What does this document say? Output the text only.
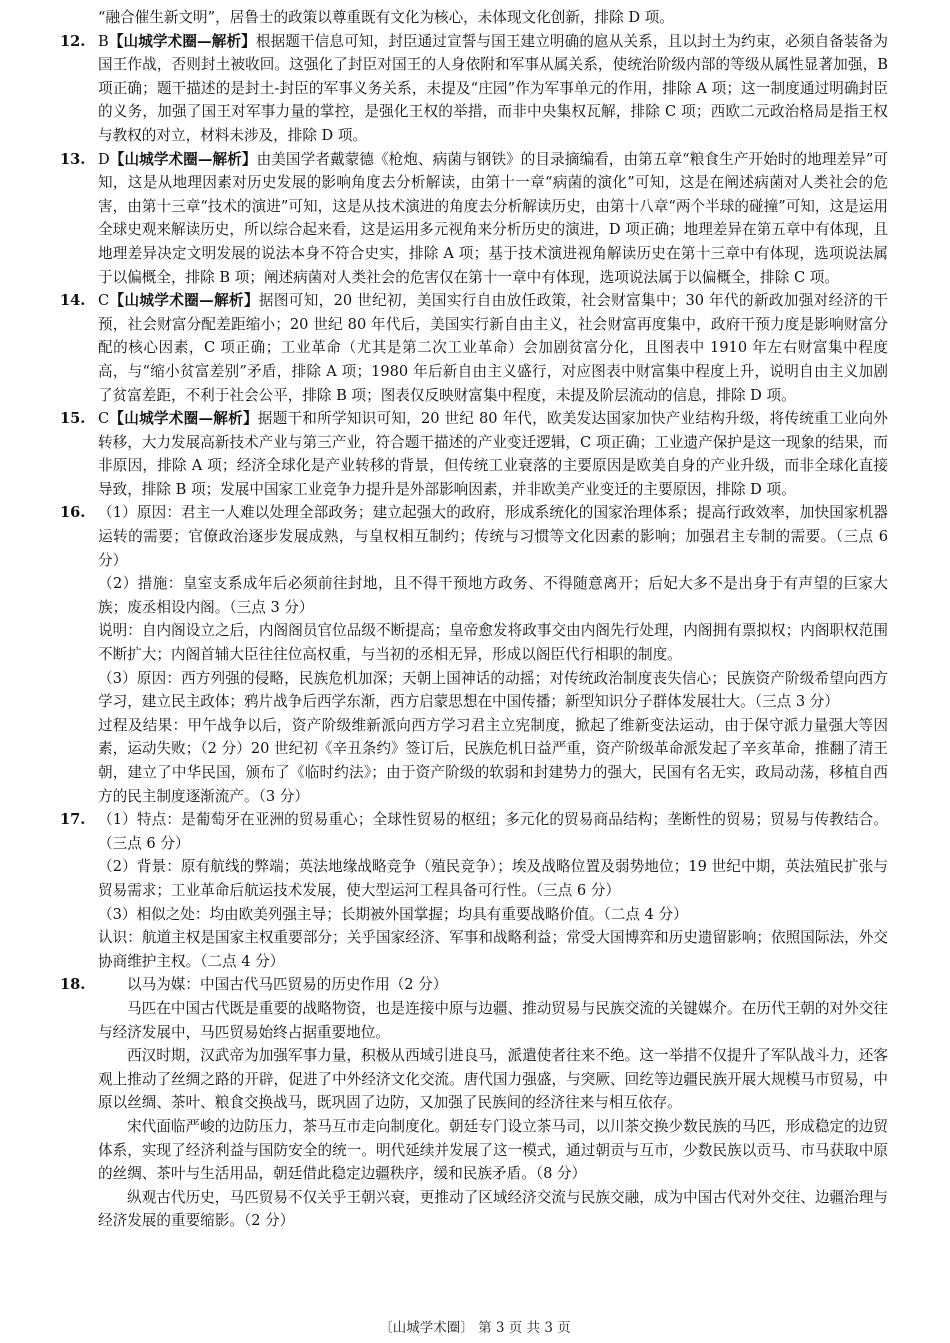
“融合催生新文明”，居鲁士的政策以尊重既有文化为核心，未体现文化创新，排除 D 项。

12. B【山城学术圈—解析】根据题干信息可知，封臣通过宣誓与国王建立明确的扈从关系，且以封土为约束，必须自备装备为国王作战，否则封土被收回。这强化了封臣对国王的人身依附和军事从属关系，使统治阶级内部的等级从属性显著加强，B 项正确；题干描述的是封土-封臣的军事义务关系，未提及“庄园”作为军事单元的作用，排除 A 项；这一制度通过明确封臣的义务，加强了国王对军事力量的掌控，是强化王权的举措，而非中央集权瓦解，排除 C 项；西欧二元政治格局是指王权与教权的对立，材料未涉及，排除 D 项。
13. D【山城学术圈—解析】由美国学者戴蒙德《枪炮、病菌与钢铁》的目录摘编看，由第五章“粮食生产开始时的地理差异”可知，这是从地理因素对历史发展的影响角度去分析解读，由第十一章“病菌的演化”可知，这是在阐述病菌对人类社会的危害，由第十三章“技术的演进”可知，这是从技术演进的角度去分析解读历史，由第十八章“两个半球的碰撞”可知，这是运用全球史观来解读历史，所以综合起来看，这是运用多元视角来分析历史的演进，D 项正确；地理差异在第五章中有体现，且地理差异决定文明发展的说法本身不符合史实，排除 A 项；基于技术演进视角解读历史在第十三章中有体现，选项说法属于以偏概全，排除 B 项；阐述病菌对人类社会的危害仅在第十一章中有体现，选项说法属于以偏概全，排除 C 项。
14. C【山城学术圈—解析】据图可知，20 世纪初，美国实行自由放任政策，社会财富集中；30 年代的新政加强对经济的干预，社会财富分配差距缩小；20 世纪 80 年代后，美国实行新自由主义，社会财富再度集中，政府干预力度是影响财富分配的核心因素，C 项正确；工业革命（尤其是第二次工业革命）会加剧贫富分化，且图表中 1910 年左右财富集中程度高，与“缩小贫富差别”矛盾，排除 A 项；1980 年后新自由主义盛行，对应图表中财富集中程度上升，说明自由主义加剧了贫富差距，不利于社会公平，排除 B 项；图表仅反映财富集中程度，未提及阶层流动的信息，排除 D 项。
15. C【山城学术圈—解析】据题干和所学知识可知，20 世纪 80 年代，欧美发达国家加快产业结构升级，将传统重工业向外转移，大力发展高新技术产业与第三产业，符合题干描述的产业变迁逻辑，C 项正确；工业遗产保护是这一现象的结果，而非原因，排除 A 项；经济全球化是产业转移的背景，但传统工业衰落的主要原因是欧美自身的产业升级，而非全球化直接导致，排除 B 项；发展中国家工业竞争力提升是外部影响因素，并非欧美产业变迁的主要原因，排除 D 项。
16. （1）原因：君主一人难以处理全部政务；建立起强大的政府，形成系统化的国家治理体系；提高行政效率，加快国家机器运转的需要；官僚政治逐步发展成熟，与皇权相互制约；传统与习惯等文化因素的影响；加强君主专制的需要。（三点 6 分）

（2）措施：皇室支系成年后必须前往封地，且不得干预地方政务、不得随意离开；后妃大多不是出身于有声望的巨家大族；废丞相设内阁。（三点 3 分）

说明：自内阁设立之后，内阁阁员官位品级不断提高；皇帝愈发将政事交由内阁先行处理，内阁拥有票拟权；内阁职权范围不断扩大；内阁首辅大臣往往位高权重，与当初的丞相无异，形成以阁臣代行相职的制度。

（3）原因：西方列强的侵略，民族危机加深；天朝上国神话的动摇；对传统政治制度丧失信心；民族资产阶级希望向西方学习，建立民主政体；鸦片战争后西学东渐，西方启蒙思想在中国传播；新型知识分子群体发展壮大。（三点 3 分）

过程及结果：甲午战争以后，资产阶级维新派向西方学习君主立宪制度，掀起了维新变法运动，由于保守派力量强大等因素，运动失败；（2 分）20 世纪初《辛丑条约》签订后，民族危机日益严重，资产阶级革命派发起了辛亥革命，推翻了清王朝，建立了中华民国，颁布了《临时约法》；由于资产阶级的软弱和封建势力的强大，民国有名无实，政局动荡，移植自西方的民主制度逐渐流产。（3 分）

17. （1）特点：是葡萄牙在亚洲的贸易重心；全球性贸易的枢纽；多元化的贸易商品结构；垄断性的贸易；贸易与传教结合。（三点 6 分）

（2）背景：原有航线的弊端；英法地缘战略竞争（殖民竞争）；埃及战略位置及弱势地位；19 世纪中期，英法殖民扩张与贸易需求；工业革命后航运技术发展，使大型运河工程具备可行性。（三点 6 分）

（3）相似之处：均由欧美列强主导；长期被外国掌握；均具有重要战略价值。（二点 4 分）

认识：航道主权是国家主权重要部分；关乎国家经济、军事和战略利益；常受大国博弈和历史遗留影响；依照国际法，外交协商维护主权。（二点 4 分）

18.	以马为媒：中国古代马匹贸易的历史作用（2 分）

马匹在中国古代既是重要的战略物资，也是连接中原与边疆、推动贸易与民族交流的关键媒介。在历代王朝的对外交往与经济发展中，马匹贸易始终占据重要地位。

西汉时期，汉武帝为加强军事力量，积极从西域引进良马，派遣使者往来不绝。这一举措不仅提升了军队战斗力，还客观上推动了丝绸之路的开辟，促进了中外经济文化交流。唐代国力强盛，与突厥、回纥等边疆民族开展大规模马市贸易，中原以丝绸、茶叶、粮食交换战马，既巩固了边防，又加强了民族间的经济往来与相互依存。

宋代面临严峻的边防压力，茶马互市走向制度化。朝廷专门设立茶马司，以川茶交换少数民族的马匹，形成稳定的边贸体系，实现了经济利益与国防安全的统一。明代延续并发展了这一模式，通过朝贡与互市，少数民族以贡马、市马获取中原的丝绸、茶叶与生活用品，朝廷借此稳定边疆秩序，缓和民族矛盾。（8 分）

纵观古代历史，马匹贸易不仅关乎王朝兴衰，更推动了区域经济交流与民族交融，成为中国古代对外交往、边疆治理与经济发展的重要缩影。（2 分）

〔山城学术圈〕 第 3 页 共 3 页
